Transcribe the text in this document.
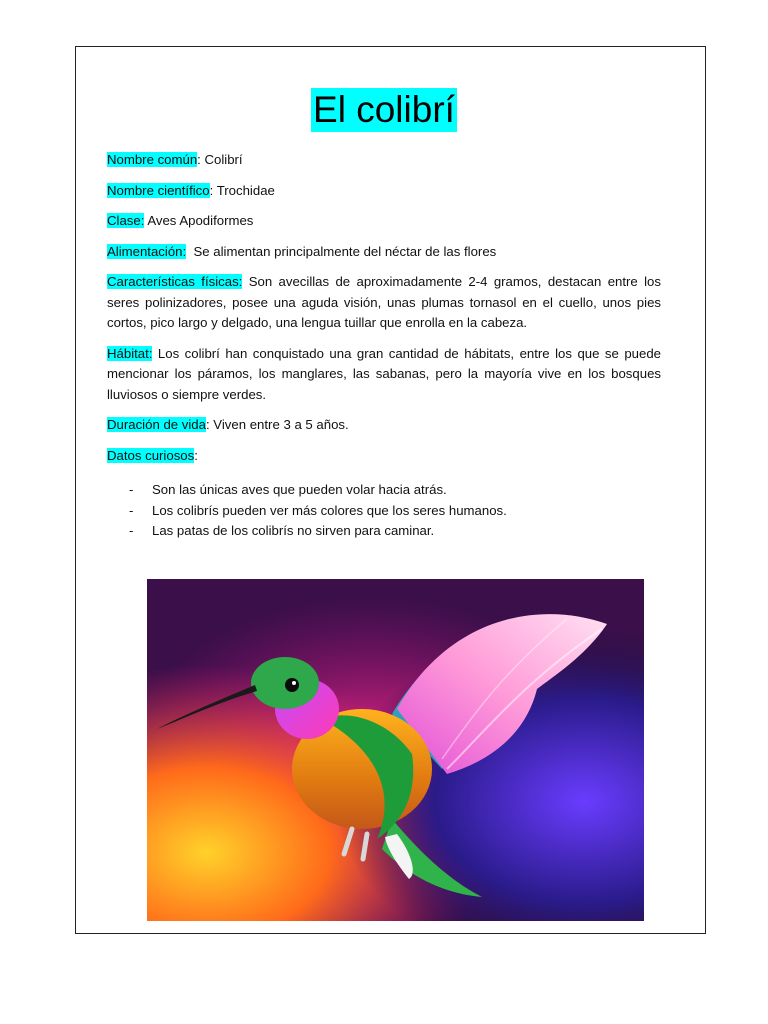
El colibrí

Nombre común: Colibrí

Nombre científico: Trochidae

Clase: Aves Apodiformes

Alimentación:  Se alimentan principalmente del néctar de las flores

Características físicas: Son avecillas de aproximadamente 2-4 gramos, destacan entre los seres polinizadores, posee una aguda visión, unas plumas tornasol en el cuello, unos pies cortos, pico largo y delgado, una lengua tuillar que enrolla en la cabeza.

Hábitat: Los colibrí han conquistado una gran cantidad de hábitats, entre los que se puede mencionar los páramos, los manglares, las sabanas, pero la mayoría vive en los bosques lluviosos o siempre verdes.

Duración de vida: Viven entre 3 a 5 años.

Datos curiosos:

- Son las únicas aves que pueden volar hacia atrás.
- Los colibrís pueden ver más colores que los seres humanos.
- Las patas de los colibrís no sirven para caminar.
